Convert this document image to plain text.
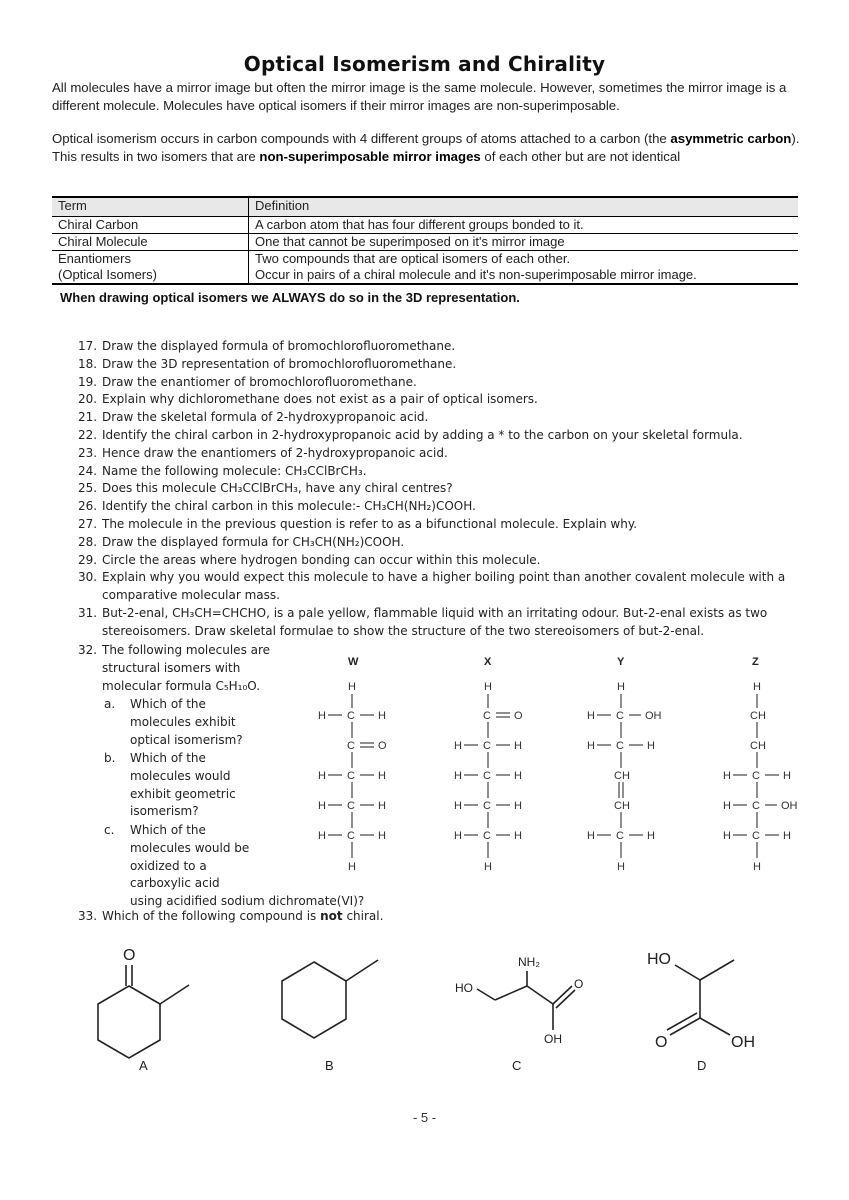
Optical Isomerism and Chirality
All molecules have a mirror image but often the mirror image is the same molecule. However, sometimes the mirror image is a different molecule. Molecules have optical isomers if their mirror images are non-superimposable.
Optical isomerism occurs in carbon compounds with 4 different groups of atoms attached to a carbon (the asymmetric carbon). This results in two isomers that are non-superimposable mirror images of each other but are not identical
Term	Definition
Chiral Carbon	A carbon atom that has four different groups bonded to it.
Chiral Molecule	One that cannot be superimposed on it's mirror image
Enantiomers	Two compounds that are optical isomers of each other.
(Optical Isomers)	Occur in pairs of a chiral molecule and it's non-superimposable mirror image.
When drawing optical isomers we ALWAYS do so in the 3D representation.
17. Draw the displayed formula of bromochlorofluoromethane.
18. Draw the 3D representation of bromochlorofluoromethane.
19. Draw the enantiomer of bromochlorofluoromethane.
20. Explain why dichloromethane does not exist as a pair of optical isomers.
21. Draw the skeletal formula of 2-hydroxypropanoic acid.
22. Identify the chiral carbon in 2-hydroxypropanoic acid by adding a * to the carbon on your skeletal formula.
23. Hence draw the enantiomers of 2-hydroxypropanoic acid.
24. Name the following molecule: CH₃CClBrCH₃.
25. Does this molecule CH₃CClBrCH₃, have any chiral centres?
26. Identify the chiral carbon in this molecule:- CH₃CH(NH₂)COOH.
27. The molecule in the previous question is refer to as a bifunctional molecule. Explain why.
28. Draw the displayed formula for CH₃CH(NH₂)COOH.
29. Circle the areas where hydrogen bonding can occur within this molecule.
30. Explain why you would expect this molecule to have a higher boiling point than another covalent molecule with a comparative molecular mass.
31. But-2-enal, CH₃CH=CHCHO, is a pale yellow, flammable liquid with an irritating odour. But-2-enal exists as two stereoisomers. Draw skeletal formulae to show the structure of the two stereoisomers of but-2-enal.
32. The following molecules are structural isomers with molecular formula C₅H₁₀O.
a. Which of the molecules exhibit optical isomerism?
b. Which of the molecules would exhibit geometric isomerism?
c. Which of the molecules would be oxidized to a carboxylic acid
using acidified sodium dichromate(VI)?
33. Which of the following compound is not chiral.
W
H
H C H
C O
H C H
H C H
H C H
H
X
H
C O
H C H
H C H
H C H
H C H
H
Y
H
H C OH
H C H
CH
CH
H C H
H
Z
H
CH
CH
H C H
H C OH
H C H
H
O
A	B
NH₂
HO	O
OH
C
HO
O	OH
D
- 5 -
